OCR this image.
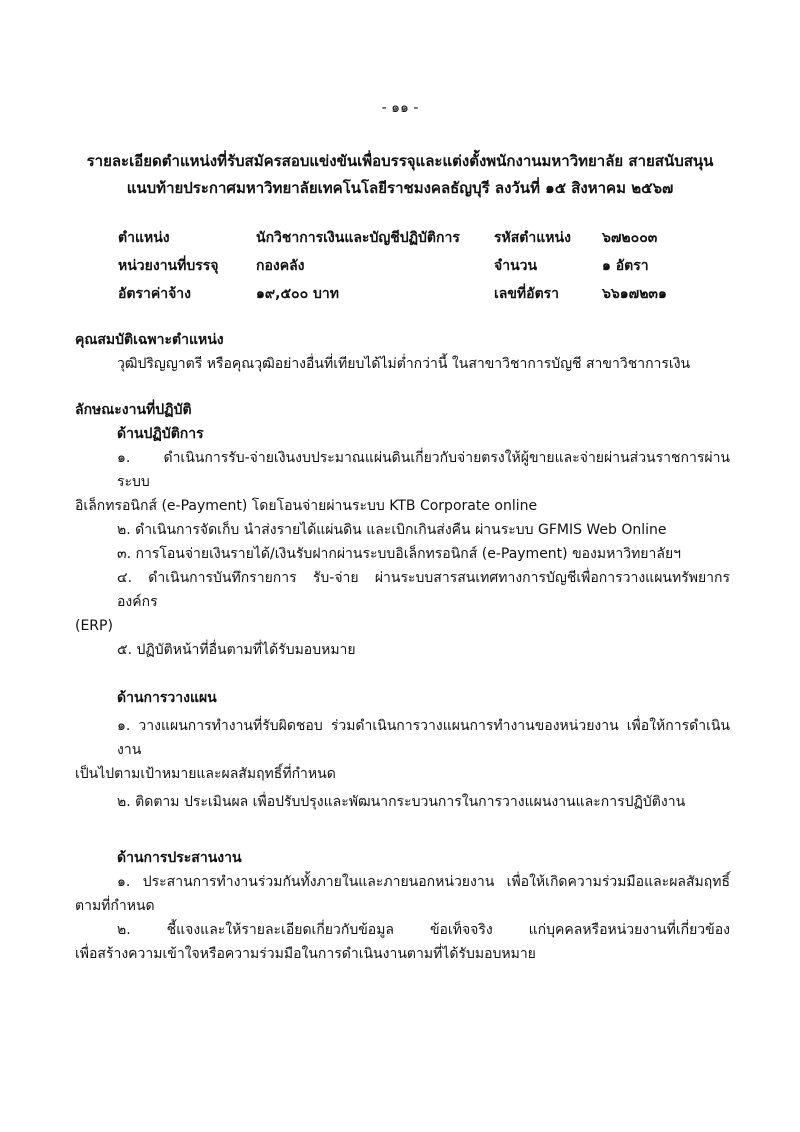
- ๑๑ -
รายละเอียดตำแหน่งที่รับสมัครสอบแข่งขันเพื่อบรรจุและแต่งตั้งพนักงานมหาวิทยาลัย สายสนับสนุน
แนบท้ายประกาศมหาวิทยาลัยเทคโนโลยีราชมงคลธัญบุรี ลงวันที่ ๑๕ สิงหาคม ๒๕๖๗
ตำแหน่ง	นักวิชาการเงินและบัญชีปฏิบัติการ	รหัสตำแหน่ง	๖๗๒๐๐๓
หน่วยงานที่บรรจุ	กองคลัง	จำนวน	๑ อัตรา
อัตราค่าจ้าง	๑๙,๕๐๐ บาท	เลขที่อัตรา	๖๖๑๗๒๓๑
คุณสมบัติเฉพาะตำแหน่ง
วุฒิปริญญาตรี หรือคุณวุฒิอย่างอื่นที่เทียบได้ไม่ต่ำกว่านี้ ในสาขาวิชาการบัญชี สาขาวิชาการเงิน
ลักษณะงานที่ปฏิบัติ
ด้านปฏิบัติการ
๑. ดำเนินการรับ-จ่ายเงินงบประมาณแผ่นดินเกี่ยวกับจ่ายตรงให้ผู้ขายและจ่ายผ่านส่วนราชการผ่านระบบ
อิเล็กทรอนิกส์ (e-Payment) โดยโอนจ่ายผ่านระบบ KTB Corporate online
๒. ดำเนินการจัดเก็บ นำส่งรายได้แผ่นดิน และเบิกเกินส่งคืน ผ่านระบบ GFMIS Web Online
๓. การโอนจ่ายเงินรายได้/เงินรับฝากผ่านระบบอิเล็กทรอนิกส์ (e-Payment) ของมหาวิทยาลัยฯ
๔. ดำเนินการบันทึกรายการ รับ-จ่าย ผ่านระบบสารสนเทศทางการบัญชีเพื่อการวางแผนทรัพยากรองค์กร
(ERP)
๕. ปฏิบัติหน้าที่อื่นตามที่ได้รับมอบหมาย
ด้านการวางแผน
๑. วางแผนการทำงานที่รับผิดชอบ ร่วมดำเนินการวางแผนการทำงานของหน่วยงาน เพื่อให้การดำเนินงาน
เป็นไปตามเป้าหมายและผลสัมฤทธิ์ที่กำหนด
๒. ติดตาม ประเมินผล เพื่อปรับปรุงและพัฒนากระบวนการในการวางแผนงานและการปฏิบัติงาน
ด้านการประสานงาน
๑. ประสานการทำงานร่วมกันทั้งภายในและภายนอกหน่วยงาน เพื่อให้เกิดความร่วมมือและผลสัมฤทธิ์
ตามที่กำหนด
๒. ชี้แจงและให้รายละเอียดเกี่ยวกับข้อมูล ข้อเท็จจริง แก่บุคคลหรือหน่วยงานที่เกี่ยวข้อง
เพื่อสร้างความเข้าใจหรือความร่วมมือในการดำเนินงานตามที่ได้รับมอบหมาย
